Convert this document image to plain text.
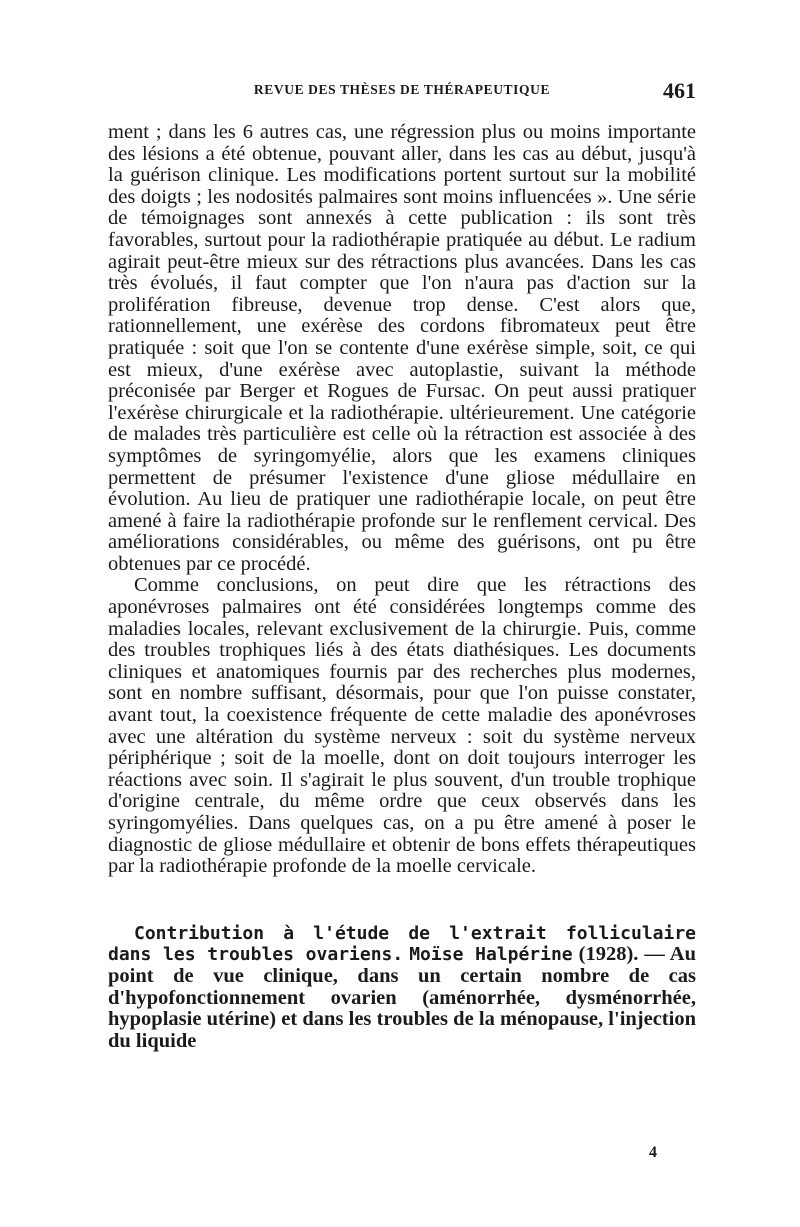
REVUE DES THÈSES DE THÉRAPEUTIQUE	461

ment ; dans les 6 autres cas, une régression plus ou moins importante des lésions a été obtenue, pouvant aller, dans les cas au début, jusqu'à la guérison clinique. Les modifications portent surtout sur la mobilité des doigts ; les nodosités palmaires sont moins influencées ». Une série de témoignages sont annexés à cette publication : ils sont très favorables, surtout pour la radiothérapie pratiquée au début. Le radium agirait peut-être mieux sur des rétractions plus avancées. Dans les cas très évolués, il faut compter que l'on n'aura pas d'action sur la prolifération fibreuse, devenue trop dense. C'est alors que, rationnellement, une exérèse des cordons fibromateux peut être pratiquée : soit que l'on se contente d'une exérèse simple, soit, ce qui est mieux, d'une exérèse avec autoplastie, suivant la méthode préconisée par Berger et Rogues de Fursac. On peut aussi pratiquer l'exérèse chirurgicale et la radiothérapie. ultérieurement. Une catégorie de malades très particulière est celle où la rétraction est associée à des symptômes de syringomyélie, alors que les examens cliniques permettent de présumer l'existence d'une gliose médullaire en évolution. Au lieu de pratiquer une radiothérapie locale, on peut être amené à faire la radiothérapie profonde sur le renflement cervical. Des améliorations considérables, ou même des guérisons, ont pu être obtenues par ce procédé.

Comme conclusions, on peut dire que les rétractions des aponévroses palmaires ont été considérées longtemps comme des maladies locales, relevant exclusivement de la chirurgie. Puis, comme des troubles trophiques liés à des états diathésiques. Les documents cliniques et anatomiques fournis par des recherches plus modernes, sont en nombre suffisant, désormais, pour que l'on puisse constater, avant tout, la coexistence fréquente de cette maladie des aponévroses avec une altération du système nerveux : soit du système nerveux périphérique ; soit de la moelle, dont on doit toujours interroger les réactions avec soin. Il s'agirait le plus souvent, d'un trouble trophique d'origine centrale, du même ordre que ceux observés dans les syringomyélies. Dans quelques cas, on a pu être amené à poser le diagnostic de gliose médullaire et obtenir de bons effets thérapeutiques par la radiothérapie profonde de la moelle cervicale.

Contribution à l'étude de l'extrait folliculaire dans les troubles ovariens. Moïse Halpérine (1928). — Au point de vue clinique, dans un certain nombre de cas d'hypofonctionnement ovarien (aménorrhée, dysménorrhée, hypoplasie utérine) et dans les troubles de la ménopause, l'injection du liquide

4
